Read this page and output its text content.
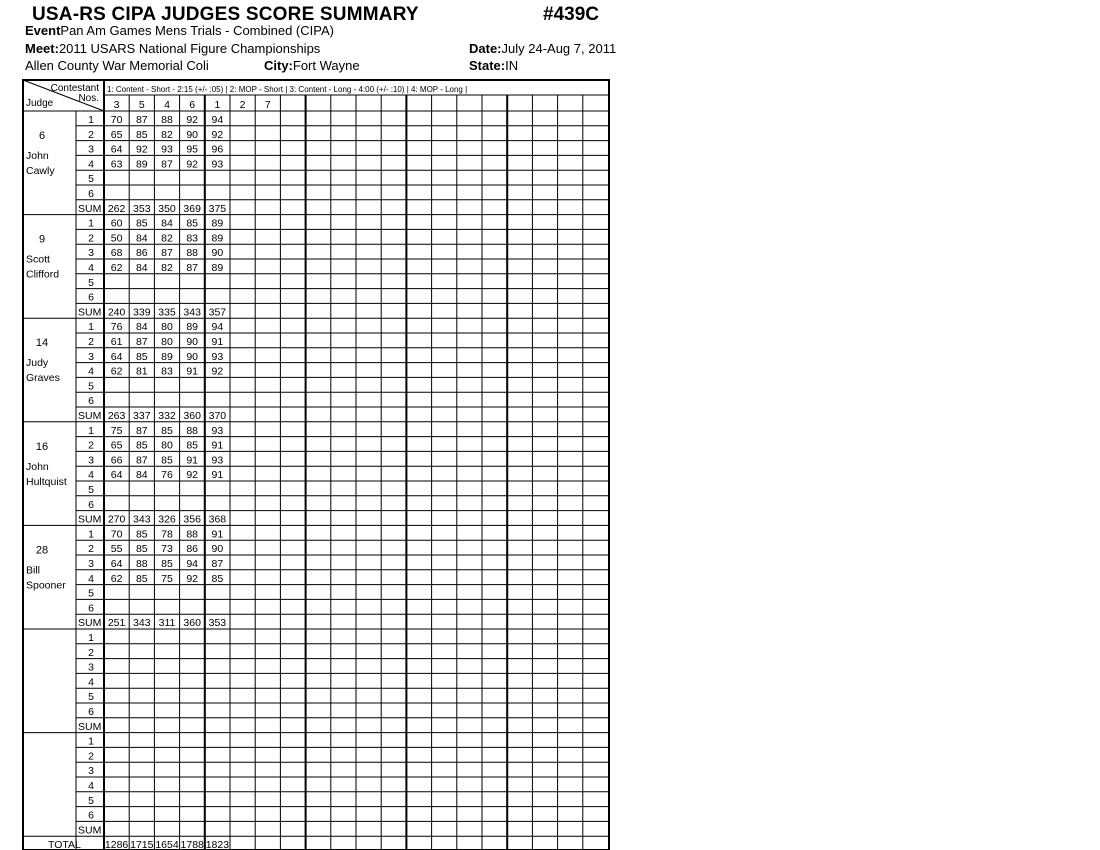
USA-RS CIPA JUDGES SCORE SUMMARY	#439C
EventPan Am Games Mens Trials - Combined (CIPA)
Meet:2011 USARS National Figure Championships	Date:July 24-Aug 7, 2011
Allen County War Memorial Coli	City:Fort Wayne	State:IN
Contestant
Nos.
Judge
1: Content - Short - 2:15 (+/- :05) | 2: MOP - Short | 3: Content - Long - 4:00 (+/- :10) | 4: MOP - Long |
3 5 4 6 1 2 7
6
John
Cawly
1 70 87 88 92 94
2 65 85 82 90 92
3 64 92 93 95 96
4 63 89 87 92 93
5
6
SUM 262 353 350 369 375
9
Scott
Clifford
1 60 85 84 85 89
2 50 84 82 83 89
3 68 86 87 88 90
4 62 84 82 87 89
5
6
SUM 240 339 335 343 357
14
Judy
Graves
1 76 84 80 89 94
2 61 87 80 90 91
3 64 85 89 90 93
4 62 81 83 91 92
5
6
SUM 263 337 332 360 370
16
John
Hultquist
1 75 87 85 88 93
2 65 85 80 85 91
3 66 87 85 91 93
4 64 84 76 92 91
5
6
SUM 270 343 326 356 368
28
Bill
Spooner
1 70 85 78 88 91
2 55 85 73 86 90
3 64 88 85 94 87
4 62 85 75 92 85
5
6
SUM 251 343 311 360 353
1
2
3
4
5
6
SUM
1
2
3
4
5
6
SUM
TOTAL 1286 1715 1654 1788 1823
